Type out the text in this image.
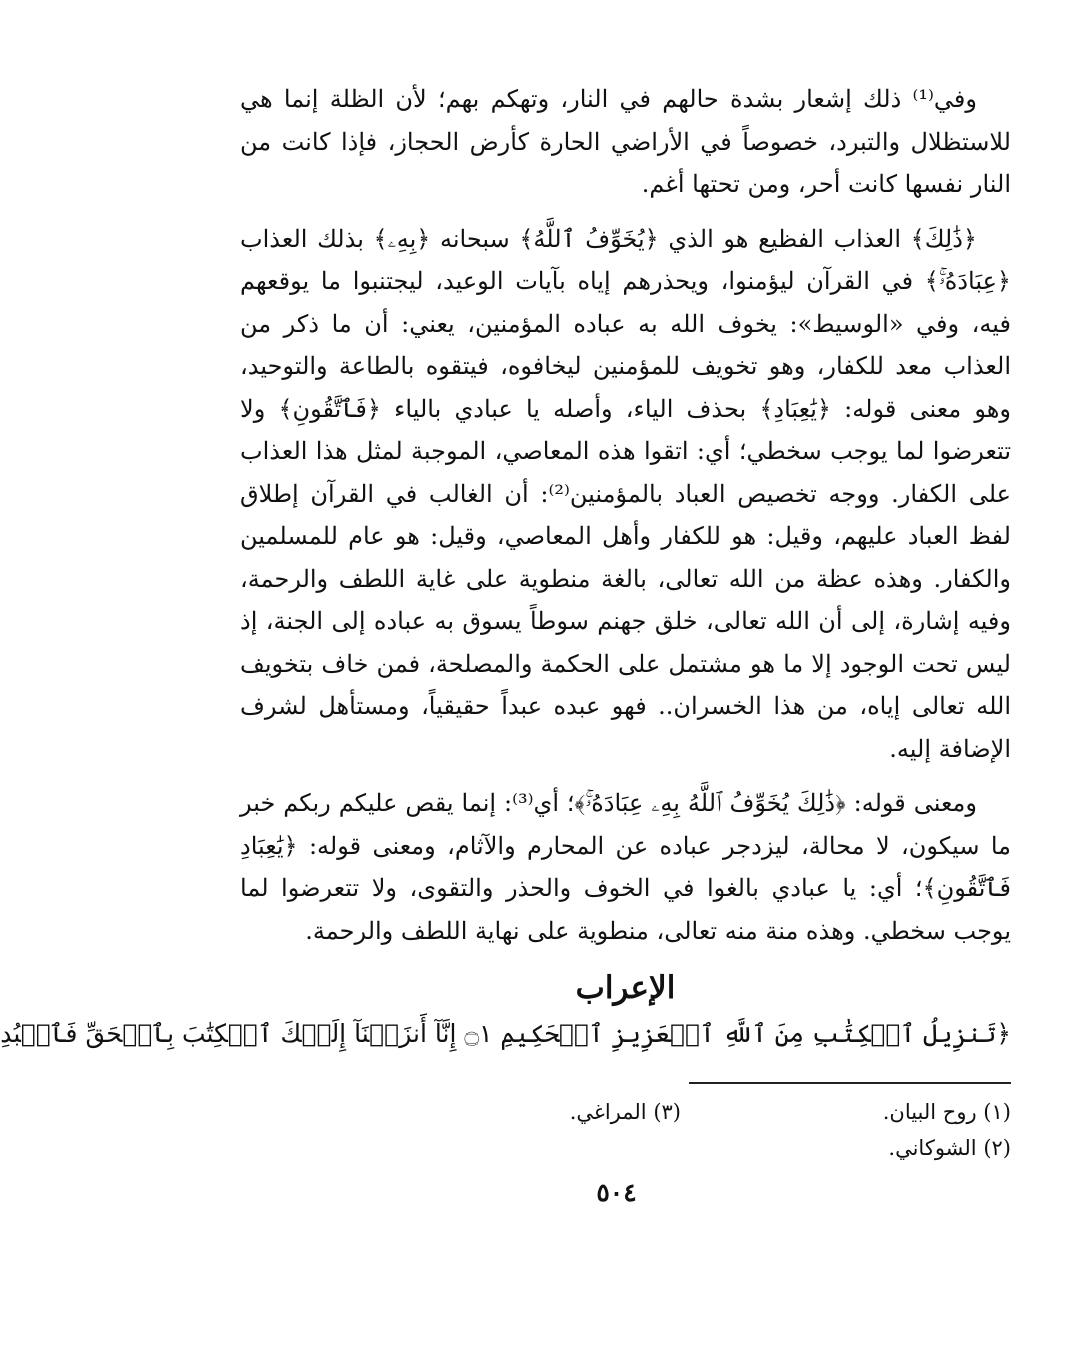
وفي⁽¹⁾ ذلك إشعار بشدة حالهم في النار، وتهكم بهم؛ لأن الظلة إنما هي للاستظلال والتبرد، خصوصاً في الأراضي الحارة كأرض الحجاز، فإذا كانت من النار نفسها كانت أحر، ومن تحتها أغم.

﴿ذَٰلِكَ﴾ العذاب الفظيع هو الذي ﴿يُخَوِّفُ ٱللَّهُ﴾ سبحانه ﴿بِهِۦ﴾ بذلك العذاب ﴿عِبَادَهُۥۚ﴾ في القرآن ليؤمنوا، ويحذرهم إياه بآيات الوعيد، ليجتنبوا ما يوقعهم فيه، وفي «الوسيط»: يخوف الله به عباده المؤمنين، يعني: أن ما ذكر من العذاب معد للكفار، وهو تخويف للمؤمنين ليخافوه، فيتقوه بالطاعة والتوحيد، وهو معنى قوله: ﴿يَٰعِبَادِ﴾ بحذف الياء، وأصله يا عبادي بالياء ﴿فَٱتَّقُونِ﴾ ولا تتعرضوا لما يوجب سخطي؛ أي: اتقوا هذه المعاصي، الموجبة لمثل هذا العذاب على الكفار. ووجه تخصيص العباد بالمؤمنين⁽²⁾: أن الغالب في القرآن إطلاق لفظ العباد عليهم، وقيل: هو للكفار وأهل المعاصي، وقيل: هو عام للمسلمين والكفار. وهذه عظة من الله تعالى، بالغة منطوية على غاية اللطف والرحمة، وفيه إشارة، إلى أن الله تعالى، خلق جهنم سوطاً يسوق به عباده إلى الجنة، إذ ليس تحت الوجود إلا ما هو مشتمل على الحكمة والمصلحة، فمن خاف بتخويف الله تعالى إياه، من هذا الخسران.. فهو عبده عبداً حقيقياً، ومستأهل لشرف الإضافة إليه.

ومعنى قوله: ﴿ذَٰلِكَ يُخَوِّفُ ٱللَّهُ بِهِۦ عِبَادَهُۥۚ﴾؛ أي⁽³⁾: إنما يقص عليكم ربكم خبر ما سيكون، لا محالة، ليزدجر عباده عن المحارم والآثام، ومعنى قوله: ﴿يَٰعِبَادِ فَٱتَّقُونِ﴾؛ أي: يا عبادي بالغوا في الخوف والحذر والتقوى، ولا تتعرضوا لما يوجب سخطي. وهذه منة منه تعالى، منطوية على نهاية اللطف والرحمة.

الإعراب
﴿تَنزِيلُ ٱلۡكِتَٰبِ مِنَ ٱللَّهِ ٱلۡعَزِيزِ ٱلۡحَكِيمِ ۝١ إِنَّآ أَنزَلۡنَآ إِلَيۡكَ ٱلۡكِتَٰبَ بِٱلۡحَقِّ فَٱعۡبُدِ
(١) روح البيان.
(٣) المراغي.
(٢) الشوكاني.
٥٠٤
